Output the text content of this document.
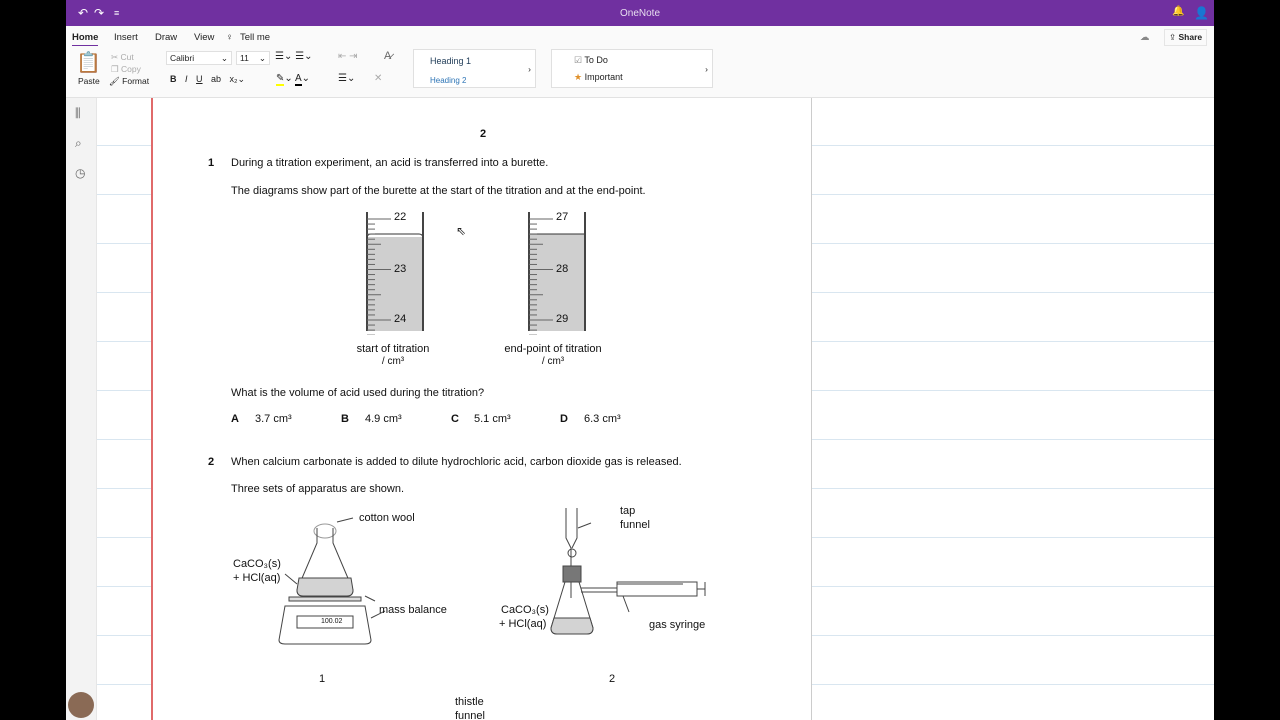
↶ ↷ ≡	OneNote	🔔 👤
Home Insert Draw View ♀ Tell me	☁	⇪ Share
📋
Paste
✂ Cut
❐ Copy
🖌 Format
Calibri	⌄	11 ⌄ ☰⌄ ☰⌄	⇤ ⇥ A̷
B I U ab x₂⌄	✎⌄ A⌄	☰⌄ ✕
Heading 1
Heading 2
›
☑ To Do
★ Important
›
⫼
⌕
◷
2
1 During a titration experiment, an acid is transferred into a burette.
The diagrams show part of the burette at the start of the titration and at the end-point.
22
23
24
27
28
29
start of titration
/ cm³
end-point of titration
/ cm³
What is the volume of acid used during the titration?
A 3.7 cm³	B 4.9 cm³	C 5.1 cm³	D 6.3 cm³
2 When calcium carbonate is added to dilute hydrochloric acid, carbon dioxide gas is released.
Three sets of apparatus are shown.
cotton wool
CaCO₃(s)
+ HCl(aq)
mass balance
100.02
1
tap
funnel
CaCO₃(s)
+ HCl(aq)	gas syringe
2
thistle
funnel
⇖
